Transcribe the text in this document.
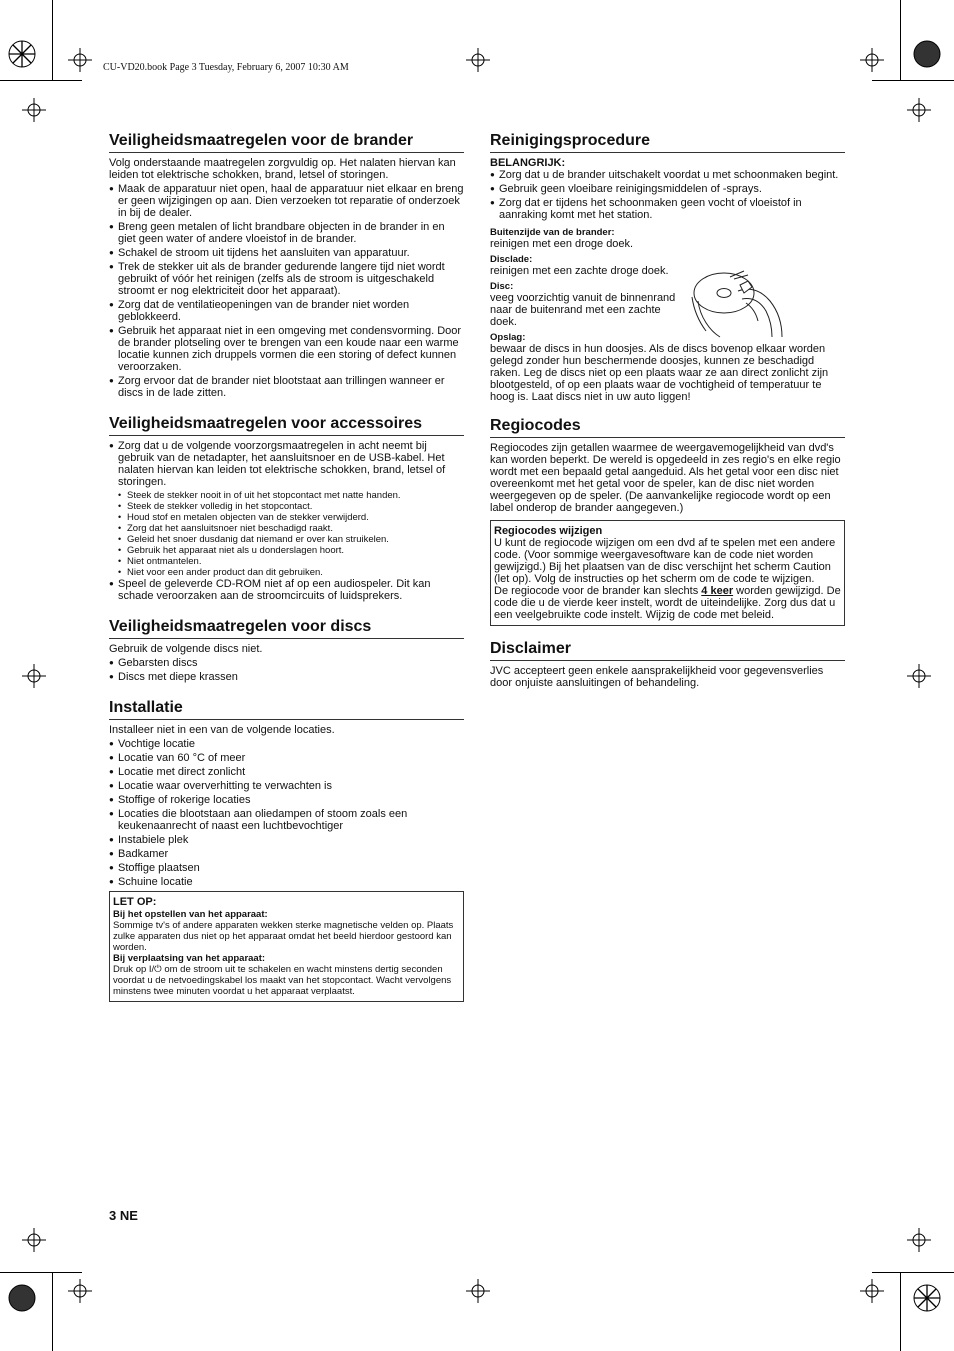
CU-VD20.book Page 3 Tuesday, February 6, 2007 10:30 AM
Veiligheidsmaatregelen voor de brander

Volg onderstaande maatregelen zorgvuldig op. Het nalaten hiervan kan leiden tot elektrische schokken, brand, letsel of storingen.

● Maak de apparatuur niet open, haal de apparatuur niet elkaar en breng er geen wijzigingen op aan. Dien verzoeken tot reparatie of onderzoek in bij de dealer.
● Breng geen metalen of licht brandbare objecten in de brander in en giet geen water of andere vloeistof in de brander.
● Schakel de stroom uit tijdens het aansluiten van apparatuur.
● Trek de stekker uit als de brander gedurende langere tijd niet wordt gebruikt of vóór het reinigen (zelfs als de stroom is uitgeschakeld stroomt er nog elektriciteit door het apparaat).
● Zorg dat de ventilatieopeningen van de brander niet worden geblokkeerd.
● Gebruik het apparaat niet in een omgeving met condensvorming. Door de brander plotseling over te brengen van een koude naar een warme locatie kunnen zich druppels vormen die een storing of defect kunnen veroorzaken.
● Zorg ervoor dat de brander niet blootstaat aan trillingen wanneer er discs in de lade zitten.
Veiligheidsmaatregelen voor accessoires
● Zorg dat u de volgende voorzorgsmaatregelen in acht neemt bij gebruik van de netadapter, het aansluitsnoer en de USB-kabel. Het nalaten hiervan kan leiden tot elektrische schokken, brand, letsel of storingen.
• Steek de stekker nooit in of uit het stopcontact met natte handen.
• Steek de stekker volledig in het stopcontact.
• Houd stof en metalen objecten van de stekker verwijderd.
• Zorg dat het aansluitsnoer niet beschadigd raakt.
• Geleid het snoer dusdanig dat niemand er over kan struikelen.
• Gebruik het apparaat niet als u donderslagen hoort.
• Niet ontmantelen.
• Niet voor een ander product dan dit gebruiken.
● Speel de geleverde CD-ROM niet af op een audiospeler. Dit kan schade veroorzaken aan de stroomcircuits of luidsprekers.
Veiligheidsmaatregelen voor discs

Gebruik de volgende discs niet.

● Gebarsten discs
● Discs met diepe krassen
Installatie

Installeer niet in een van de volgende locaties.

● Vochtige locatie
● Locatie van 60 °C of meer
● Locatie met direct zonlicht
● Locatie waar oververhitting te verwachten is
● Stoffige of rokerige locaties
● Locaties die blootstaan aan oliedampen of stoom zoals een keukenaanrecht of naast een luchtbevochtiger
● Instabiele plek
● Badkamer
● Stoffige plaatsen
● Schuine locatie
LET OP:
Bij het opstellen van het apparaat:
Sommige tv's of andere apparaten wekken sterke magnetische velden op. Plaats zulke apparaten dus niet op het apparaat omdat het beeld hierdoor gestoord kan worden.
Bij verplaatsing van het apparaat:
Druk op I/⏻ om de stroom uit te schakelen en wacht minstens dertig seconden voordat u de netvoedingskabel los maakt van het stopcontact. Wacht vervolgens minstens twee minuten voordat u het apparaat verplaatst.
Reinigingsprocedure
BELANGRIJK:
● Zorg dat u de brander uitschakelt voordat u met schoonmaken begint.
● Gebruik geen vloeibare reinigingsmiddelen of -sprays.
● Zorg dat er tijdens het schoonmaken geen vocht of vloeistof in aanraking komt met het station.
Buitenzijde van de brander:
reinigen met een droge doek.
Disclade:
reinigen met een zachte droge doek.
Disc:
veeg voorzichtig vanuit de binnenrand naar de buitenrand met een zachte doek.
Opslag:
bewaar de discs in hun doosjes. Als de discs bovenop elkaar worden gelegd zonder hun beschermende doosjes, kunnen ze beschadigd raken. Leg de discs niet op een plaats waar ze aan direct zonlicht zijn blootgesteld, of op een plaats waar de vochtigheid of temperatuur te hoog is. Laat discs niet in uw auto liggen!
Regiocodes

Regiocodes zijn getallen waarmee de weergavemogelijkheid van dvd's kan worden beperkt. De wereld is opgedeeld in zes regio's en elke regio wordt met een bepaald getal aangeduid. Als het getal voor een disc niet overeenkomt met het getal voor de speler, kan de disc niet worden weergegeven op de speler. (De aanvankelijke regiocode wordt op een label onderop de brander aangegeven.)

Regiocodes wijzigen
U kunt de regiocode wijzigen om een dvd af te spelen met een andere code. (Voor sommige weergavesoftware kan de code niet worden gewijzigd.) Bij het plaatsen van de disc verschijnt het scherm Caution (let op). Volg de instructies op het scherm om de code te wijzigen.
De regiocode voor de brander kan slechts 4 keer worden gewijzigd. De code die u de vierde keer instelt, wordt de uiteindelijke. Zorg dus dat u een veelgebruikte code instelt. Wijzig de code met beleid.
Disclaimer

JVC accepteert geen enkele aansprakelijkheid voor gegevensverlies door onjuiste aansluitingen of behandeling.

3 NE
